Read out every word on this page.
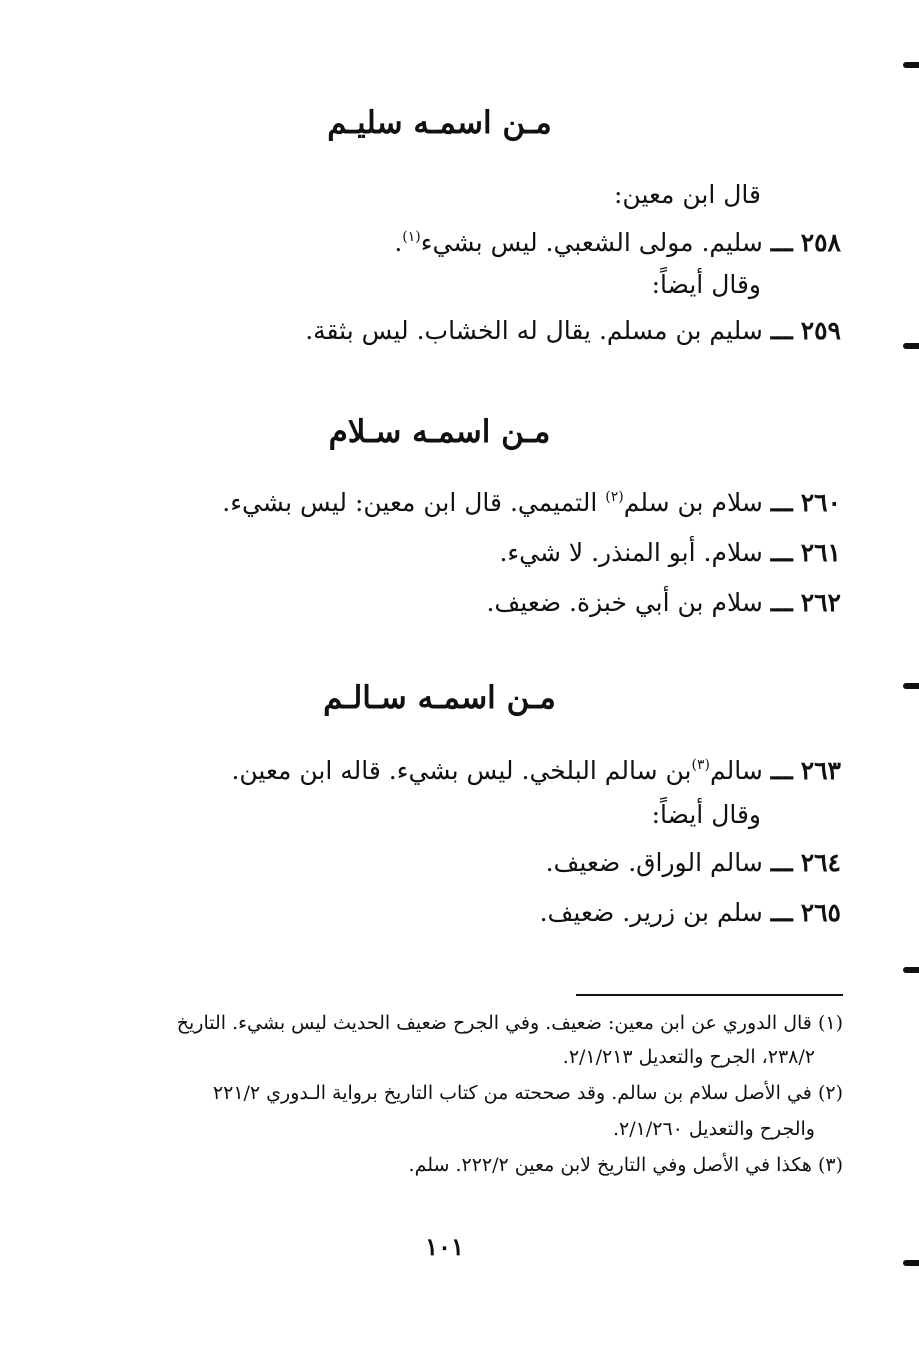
مـن اسمـه سليـم
قال ابن معين:
٢٥٨ ـــ سليم. مولى الشعبي. ليس بشيء$^{(١)}$.
وقال أيضاً:
٢٥٩ ـــ سليم بن مسلم. يقال له الخشاب. ليس بثقة.
مـن اسمـه سـلام
٢٦٠ ـــ سلام بن سلم$^{(٢)}$ التميمي. قال ابن معين: ليس بشيء.
٢٦١ ـــ سلام. أبو المنذر. لا شيء.
٢٦٢ ـــ سلام بن أبي خبزة. ضعيف.
مـن اسمـه سـالـم
٢٦٣ ـــ سالم$^{(٣)}$بن سالم البلخي. ليس بشيء. قاله ابن معين.
وقال أيضاً:
٢٦٤ ـــ سالم الوراق. ضعيف.
٢٦٥ ـــ سلم بن زرير. ضعيف.
(١) قال الدوري عن ابن معين: ضعيف. وفي الجرح ضعيف الحديث ليس بشيء. التاريخ
٢٣٨/٢، الجرح والتعديل ٢/١/٢١٣.
(٢) في الأصل سلام بن سالم. وقد صححته من كتاب التاريخ برواية الـدوري ٢٢١/٢
والجرح والتعديل ٢/١/٢٦٠.
(٣) هكذا في الأصل وفي التاريخ لابن معين ٢٢٢/٢. سلم.
١٠١
